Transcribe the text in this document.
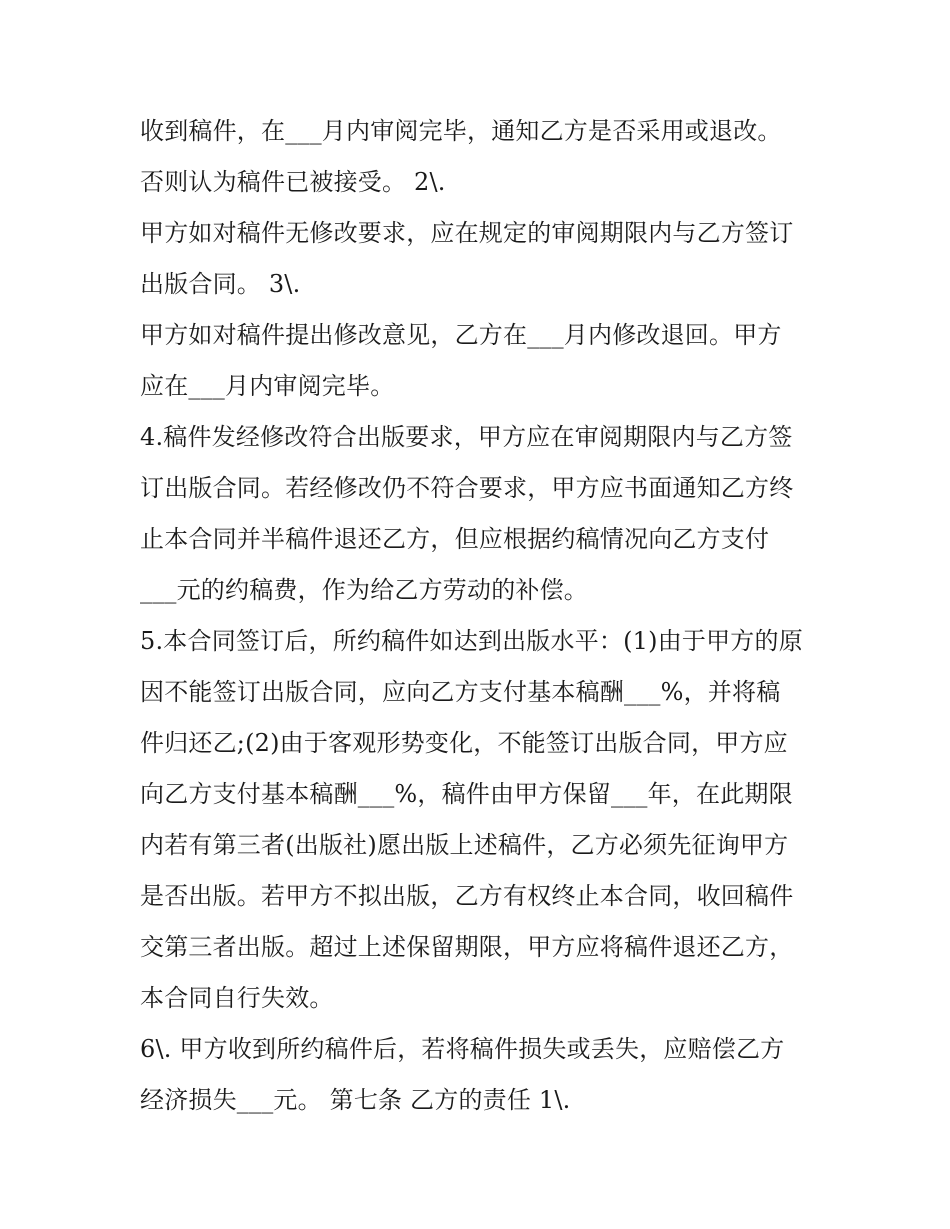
收到稿件，在___月内审阅完毕，通知乙方是否采用或退改。
否则认为稿件已被接受。 2\.
甲方如对稿件无修改要求，应在规定的审阅期限内与乙方签订
出版合同。 3\.
甲方如对稿件提出修改意见，乙方在___月内修改退回。甲方
应在___月内审阅完毕。
4.稿件发经修改符合出版要求，甲方应在审阅期限内与乙方签
订出版合同。若经修改仍不符合要求，甲方应书面通知乙方终
止本合同并半稿件退还乙方，但应根据约稿情况向乙方支付
___元的约稿费，作为给乙方劳动的补偿。
5.本合同签订后，所约稿件如达到出版水平：(1)由于甲方的原
因不能签订出版合同，应向乙方支付基本稿酬___%，并将稿
件归还乙;(2)由于客观形势变化，不能签订出版合同，甲方应
向乙方支付基本稿酬___%，稿件由甲方保留___年，在此期限
内若有第三者(出版社)愿出版上述稿件，乙方必须先征询甲方
是否出版。若甲方不拟出版，乙方有权终止本合同，收回稿件
交第三者出版。超过上述保留期限，甲方应将稿件退还乙方，
本合同自行失效。
6\. 甲方收到所约稿件后，若将稿件损失或丢失，应赔偿乙方
经济损失___元。 第七条 乙方的责任 1\.
